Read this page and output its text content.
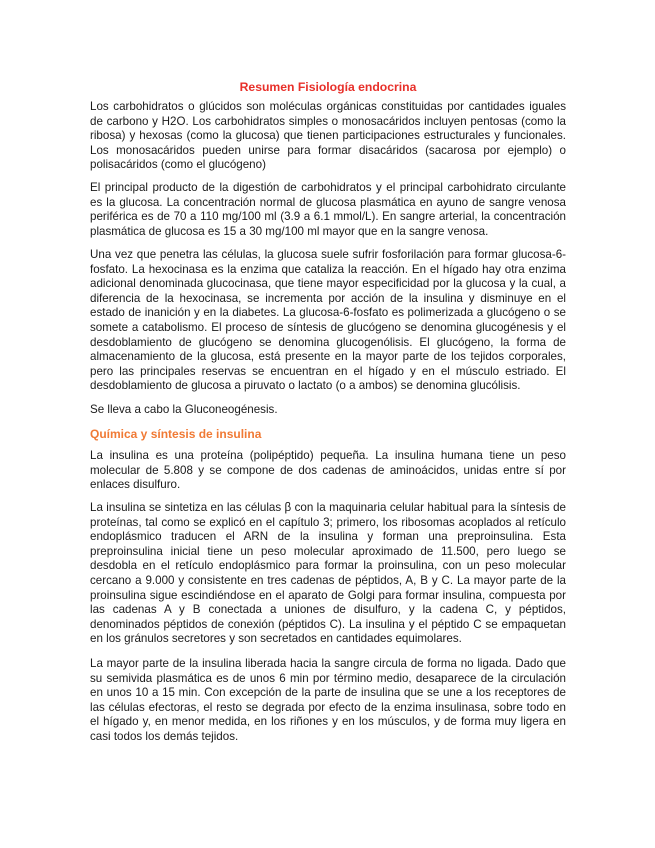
Resumen Fisiología endocrina

Los carbohidratos o glúcidos son moléculas orgánicas constituidas por cantidades iguales de carbono y H2O. Los carbohidratos simples o monosacáridos incluyen pentosas (como la ribosa) y hexosas (como la glucosa) que tienen participaciones estructurales y funcionales. Los monosacáridos pueden unirse para formar disacáridos (sacarosa por ejemplo) o polisacáridos (como el glucógeno)

El principal producto de la digestión de carbohidratos y el principal carbohidrato circulante es la glucosa. La concentración normal de glucosa plasmática en ayuno de sangre venosa periférica es de 70 a 110 mg/100 ml (3.9 a 6.1 mmol/L). En sangre arterial, la concentración plasmática de glucosa es 15 a 30 mg/100 ml mayor que en la sangre venosa.

Una vez que penetra las células, la glucosa suele sufrir fosforilación para formar glucosa-6-fosfato. La hexocinasa es la enzima que cataliza la reacción. En el hígado hay otra enzima adicional denominada glucocinasa, que tiene mayor especificidad por la glucosa y la cual, a diferencia de la hexocinasa, se incrementa por acción de la insulina y disminuye en el estado de inanición y en la diabetes. La glucosa-6-fosfato es polimerizada a glucógeno o se somete a catabolismo. El proceso de síntesis de glucógeno se denomina glucogénesis y el desdoblamiento de glucógeno se denomina glucogenólisis. El glucógeno, la forma de almacenamiento de la glucosa, está presente en la mayor parte de los tejidos corporales, pero las principales reservas se encuentran en el hígado y en el músculo estriado. El desdoblamiento de glucosa a piruvato o lactato (o a ambos) se denomina glucólisis.

Se lleva a cabo la Gluconeogénesis.

Química y síntesis de insulina

La insulina es una proteína (polipéptido) pequeña. La insulina humana tiene un peso molecular de 5.808 y se compone de dos cadenas de aminoácidos, unidas entre sí por enlaces disulfuro.

La insulina se sintetiza en las células β con la maquinaria celular habitual para la síntesis de proteínas, tal como se explicó en el capítulo 3; primero, los ribosomas acoplados al retículo endoplásmico traducen el ARN de la insulina y forman una preproinsulina. Esta preproinsulina inicial tiene un peso molecular aproximado de 11.500, pero luego se desdobla en el retículo endoplásmico para formar la proinsulina, con un peso molecular cercano a 9.000 y consistente en tres cadenas de péptidos, A, B y C. La mayor parte de la proinsulina sigue escindiéndose en el aparato de Golgi para formar insulina, compuesta por las cadenas A y B conectada a uniones de disulfuro, y la cadena C, y péptidos, denominados péptidos de conexión (péptidos C). La insulina y el péptido C se empaquetan en los gránulos secretores y son secretados en cantidades equimolares.

La mayor parte de la insulina liberada hacia la sangre circula de forma no ligada. Dado que su semivida plasmática es de unos 6 min por término medio, desaparece de la circulación en unos 10 a 15 min. Con excepción de la parte de insulina que se une a los receptores de las células efectoras, el resto se degrada por efecto de la enzima insulinasa, sobre todo en el hígado y, en menor medida, en los riñones y en los músculos, y de forma muy ligera en casi todos los demás tejidos.
